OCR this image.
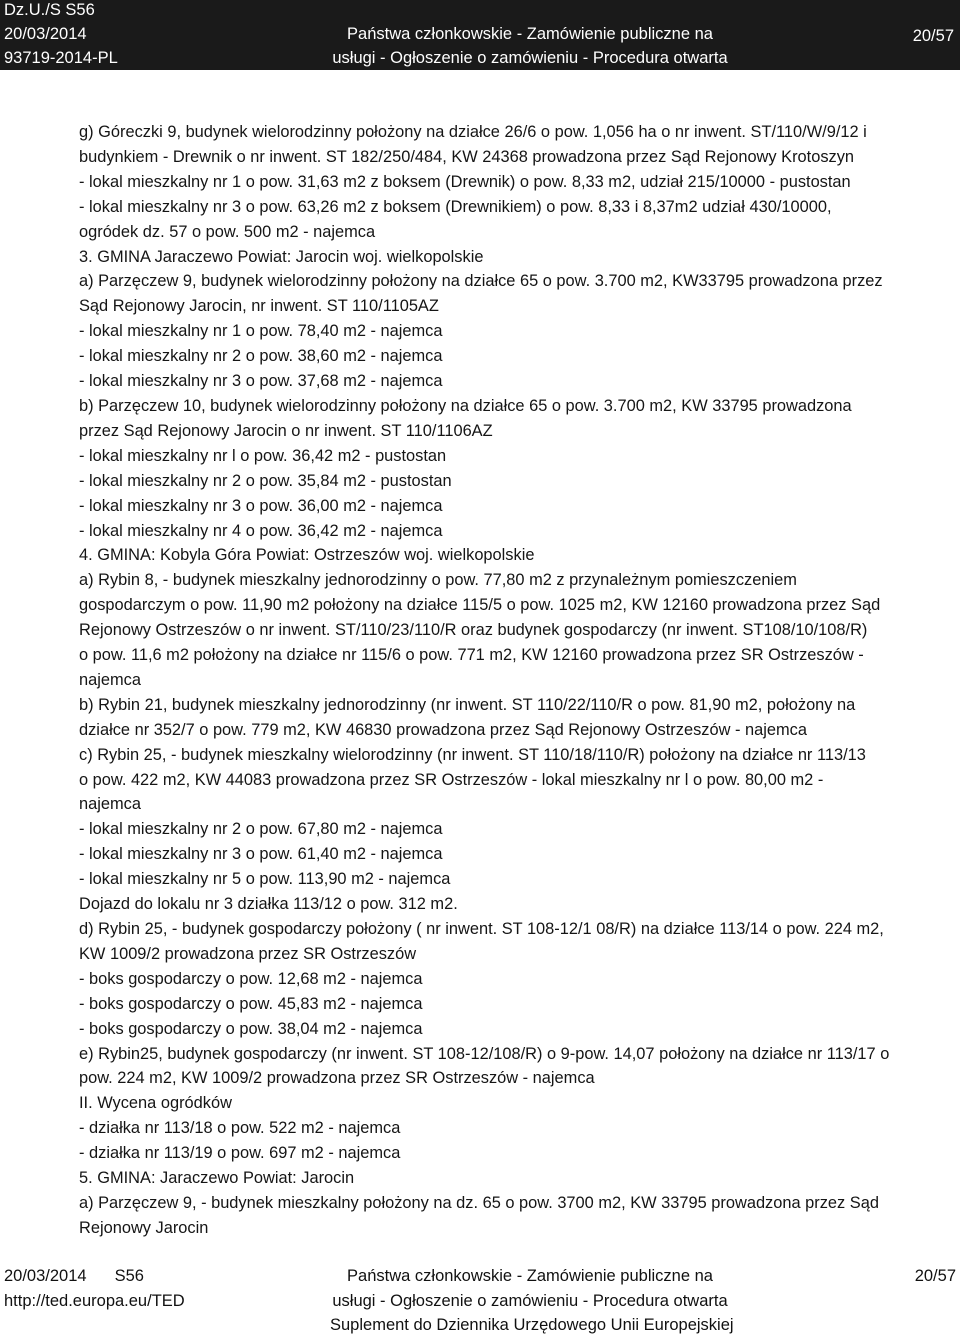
Dz.U./S S56
20/03/2014
93719-2014-PL
Państwa członkowskie - Zamówienie publiczne na
usługi - Ogłoszenie o zamówieniu - Procedura otwarta
20/57
g) Góreczki 9, budynek wielorodzinny położony na działce 26/6 o pow. 1,056 ha o nr inwent. ST/110/W/9/12 i
budynkiem - Drewnik o nr inwent. ST 182/250/484, KW 24368 prowadzona przez Sąd Rejonowy Krotoszyn
- lokal mieszkalny nr 1 o pow. 31,63 m2 z boksem (Drewnik) o pow. 8,33 m2, udział 215/10000 - pustostan
- lokal mieszkalny nr 3 o pow. 63,26 m2 z boksem (Drewnikiem) o pow. 8,33 i 8,37m2 udział 430/10000,
ogródek dz. 57 o pow. 500 m2 - najemca
3. GMINA Jaraczewo Powiat: Jarocin woj. wielkopolskie
a) Parzęczew 9, budynek wielorodzinny położony na działce 65 o pow. 3.700 m2, KW33795 prowadzona przez
Sąd Rejonowy Jarocin, nr inwent. ST 110/1105AZ
- lokal mieszkalny nr 1 o pow. 78,40 m2 - najemca
- lokal mieszkalny nr 2 o pow. 38,60 m2 - najemca
- lokal mieszkalny nr 3 o pow. 37,68 m2 - najemca
b) Parzęczew 10, budynek wielorodzinny położony na działce 65 o pow. 3.700 m2, KW 33795 prowadzona
przez Sąd Rejonowy Jarocin o nr inwent. ST 110/1106AZ
- lokal mieszkalny nr l o pow. 36,42 m2 - pustostan
- lokal mieszkalny nr 2 o pow. 35,84 m2 - pustostan
- lokal mieszkalny nr 3 o pow. 36,00 m2 - najemca
- lokal mieszkalny nr 4 o pow. 36,42 m2 - najemca
4. GMINA: Kobyla Góra Powiat: Ostrzeszów woj. wielkopolskie
a) Rybin 8, - budynek mieszkalny jednorodzinny o pow. 77,80 m2 z przynależnym pomieszczeniem
gospodarczym o pow. 11,90 m2 położony na działce 115/5 o pow. 1025 m2, KW 12160 prowadzona przez Sąd
Rejonowy Ostrzeszów o nr inwent. ST/110/23/110/R oraz budynek gospodarczy (nr inwent. ST108/10/108/R)
o pow. 11,6 m2 położony na działce nr 115/6 o pow. 771 m2, KW 12160 prowadzona przez SR Ostrzeszów -
najemca
b) Rybin 21, budynek mieszkalny jednorodzinny (nr inwent. ST 110/22/110/R o pow. 81,90 m2, położony na
działce nr 352/7 o pow. 779 m2, KW 46830 prowadzona przez Sąd Rejonowy Ostrzeszów - najemca
c) Rybin 25, - budynek mieszkalny wielorodzinny (nr inwent. ST 110/18/110/R) położony na działce nr 113/13
o pow. 422 m2, KW 44083 prowadzona przez SR Ostrzeszów - lokal mieszkalny nr l o pow. 80,00 m2 -
najemca
- lokal mieszkalny nr 2 o pow. 67,80 m2 - najemca
- lokal mieszkalny nr 3 o pow. 61,40 m2 - najemca
- lokal mieszkalny nr 5 o pow. 113,90 m2 - najemca
Dojazd do lokalu nr 3 działka 113/12 o pow. 312 m2.
d) Rybin 25, - budynek gospodarczy położony ( nr inwent. ST 108-12/1 08/R) na działce 113/14 o pow. 224 m2,
KW 1009/2 prowadzona przez SR Ostrzeszów
- boks gospodarczy o pow. 12,68 m2 - najemca
- boks gospodarczy o pow. 45,83 m2 - najemca
- boks gospodarczy o pow. 38,04 m2 - najemca
e) Rybin25, budynek gospodarczy (nr inwent. ST 108-12/108/R) o 9-pow. 14,07 położony na działce nr 113/17 o
pow. 224 m2, KW 1009/2 prowadzona przez SR Ostrzeszów - najemca
II. Wycena ogródków
- działka nr 113/18 o pow. 522 m2 - najemca
- działka nr 113/19 o pow. 697 m2 - najemca
5. GMINA: Jaraczewo Powiat: Jarocin
a) Parzęczew 9, - budynek mieszkalny położony na dz. 65 o pow. 3700 m2, KW 33795 prowadzona przez Sąd
Rejonowy Jarocin
20/03/2014 S56
http://ted.europa.eu/TED
Państwa członkowskie - Zamówienie publiczne na
usługi - Ogłoszenie o zamówieniu - Procedura otwarta
Suplement do Dziennika Urzędowego Unii Europejskiej
20/57
